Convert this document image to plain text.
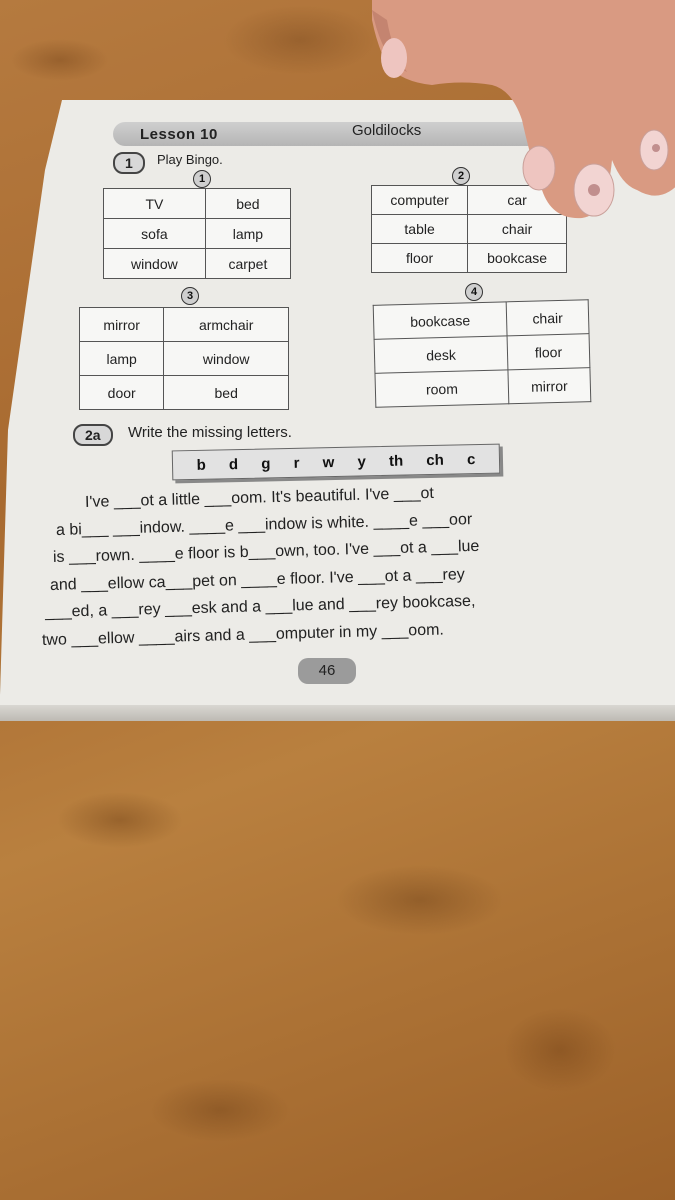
Lesson 10	Goldilocks
1	Play Bingo.
1
TV	bed
sofa	lamp
window	carpet
2
computer	car
table	chair
floor	bookcase
3
mirror	armchair
lamp	window
door	bed
4
bookcase	chair
desk	floor
room	mirror
2a	Write the missing letters.
b d g r w y th ch c
I've ___ot a little ___oom. It's beautiful. I've ___ot
a bi___ ___indow. ____e ___indow is white. ____e ___oor
is ___rown. ____e floor is b___own, too. I've ___ot a ___lue
and ___ellow ca___pet on ____e floor. I've ___ot a ___rey
___ed, a ___rey ___esk and a ___lue and ___rey bookcase,
two ___ellow ____airs and a ___omputer in my ___oom.
46
